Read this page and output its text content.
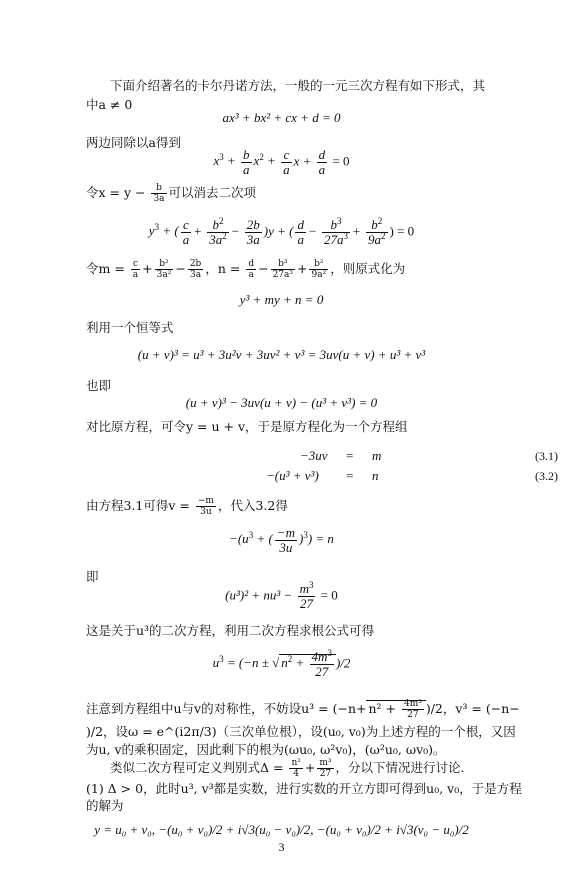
下面介绍著名的卡尔丹诺方法，一般的一元三次方程有如下形式，其
中a ≠ 0
ax³ + bx² + cx + d = 0
两边同除以a得到
$x^3 + \frac{b}{a} x^2 + \frac{c}{a}$ $x + \frac{d}{a} = 0$
令$x = y - \frac{b}{3a}$ 可以消去二次项
$y^3$ + ( $\frac{c}{a} + \frac{b^2}{3a^2} - \frac{2b}{3a} )y$ + ( $\frac{d}{a} - \frac{b^3}{27a^3} + \frac{b^2}{9a^2}$ ) = 0
令$m = \frac{c}{a} + \frac{\text{b²}}{\text{3a²}} - \frac{2b}{3a}$ ，$n = \frac{d}{a} - \frac{\text{b³}}{\text{27a³}} + \frac{\text{b²}}{\text{9a²}}$ ，则原式化为
y³ + my + n = 0
利用一个恒等式
(u + v)³ = u³ + 3u²v + 3uv² + v³ = 3uv(u + v) + u³ + v³
也即
(u + v)³ − 3uv(u + v) − (u³ + v³) = 0
对比原方程，可令y = u + v，于是原方程化为一个方程组
−3uv = m	(3.1)
−(u³ + v³) = n	(3.2)
由方程3.1可得$v = \frac{-m}{3u}$ ，代入3.2得
$-(u^3$ + ( $\frac{-m}{3u} )^3) = n$
即
$(u^3)^2 + nu^3 - \frac{m^3}{27} = 0$
这是关于u³的二次方程，利用二次方程求根公式可得
$u^3 = (-n$ ± √ $n^2 + \frac{4m^3}{27} )/2$
注意到方程组中u与v的对称性，不妨设$u^3 = (-n+ n^2 + \frac{\text{4m³}}{27} )/2$，v³ = (−n−
)/2，设ω = e^(i2π/3)（三次单位根），设(u₀, v₀)为上述方程的一个根，又因
为u, v的乘积固定，因此剩下的根为(ωu₀, ω²v₀)，(ω²u₀, ωv₀)。
类似二次方程可定义判别式$\Delta = \frac{\text{n²}}{4} + \frac{\text{m³}}{27}$ ，分以下情况进行讨论.
(1) Δ > 0，此时u³, v³都是实数，进行实数的开立方即可得到u₀, v₀，于是方程
的解为
y = u₀ + v₀, −(u₀ + v₀)/2 + i√3(u₀ − v₀)/2, −(u₀ + v₀)/2 + i√3(v₀ − u₀)/2
3
